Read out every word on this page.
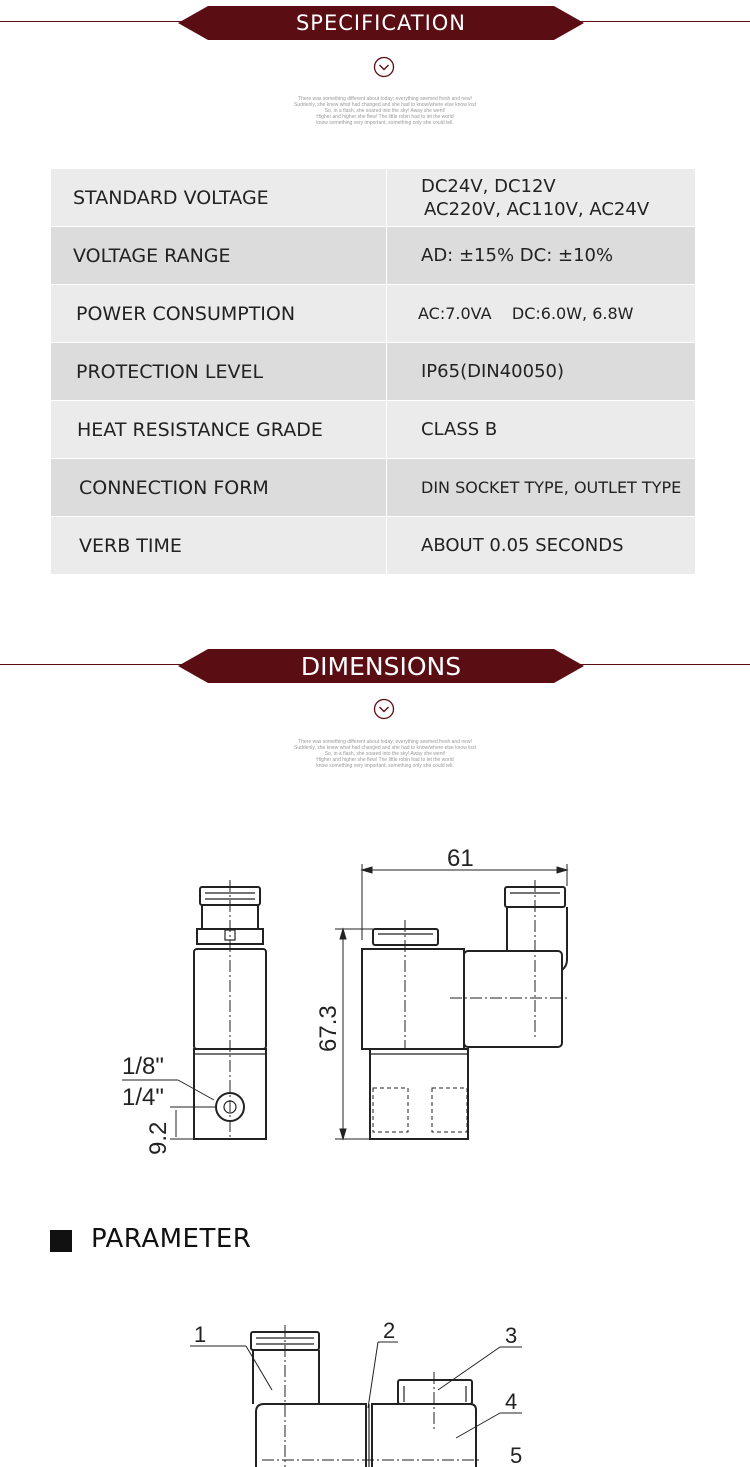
SPECIFICATION
There was something different about today; everything seemed fresh and new!
Suddenly, she knew what had changed and she had to know/where else know lost
So, in a flash, she soared into the sky! Away she went!
Higher and higher she flew! The little robin had to let the world
know something very important, something only she could tell.
STANDARD VOLTAGE	DC24V, DC12V
AC220V, AC110V, AC24V

VOLTAGE RANGE	AD: ±15% DC: ±10%
POWER CONSUMPTION	AC:7.0VA    DC:6.0W, 6.8W
PROTECTION LEVEL	IP65(DIN40050)
HEAT RESISTANCE GRADE	CLASS B
CONNECTION FORM	DIN SOCKET TYPE, OUTLET TYPE
VERB TIME	ABOUT 0.05 SECONDS
DIMENSIONS
There was something different about today; everything seemed fresh and new!
Suddenly, she knew what had changed and she had to know/where else know lost
So, in a flash, she soared into the sky! Away she went!
Higher and higher she flew! The little robin had to let the world
know something very important, something only she could tell.
1/8"
1/4"
9.2
61
67.3
PARAMETER
1	2	3
4
5
